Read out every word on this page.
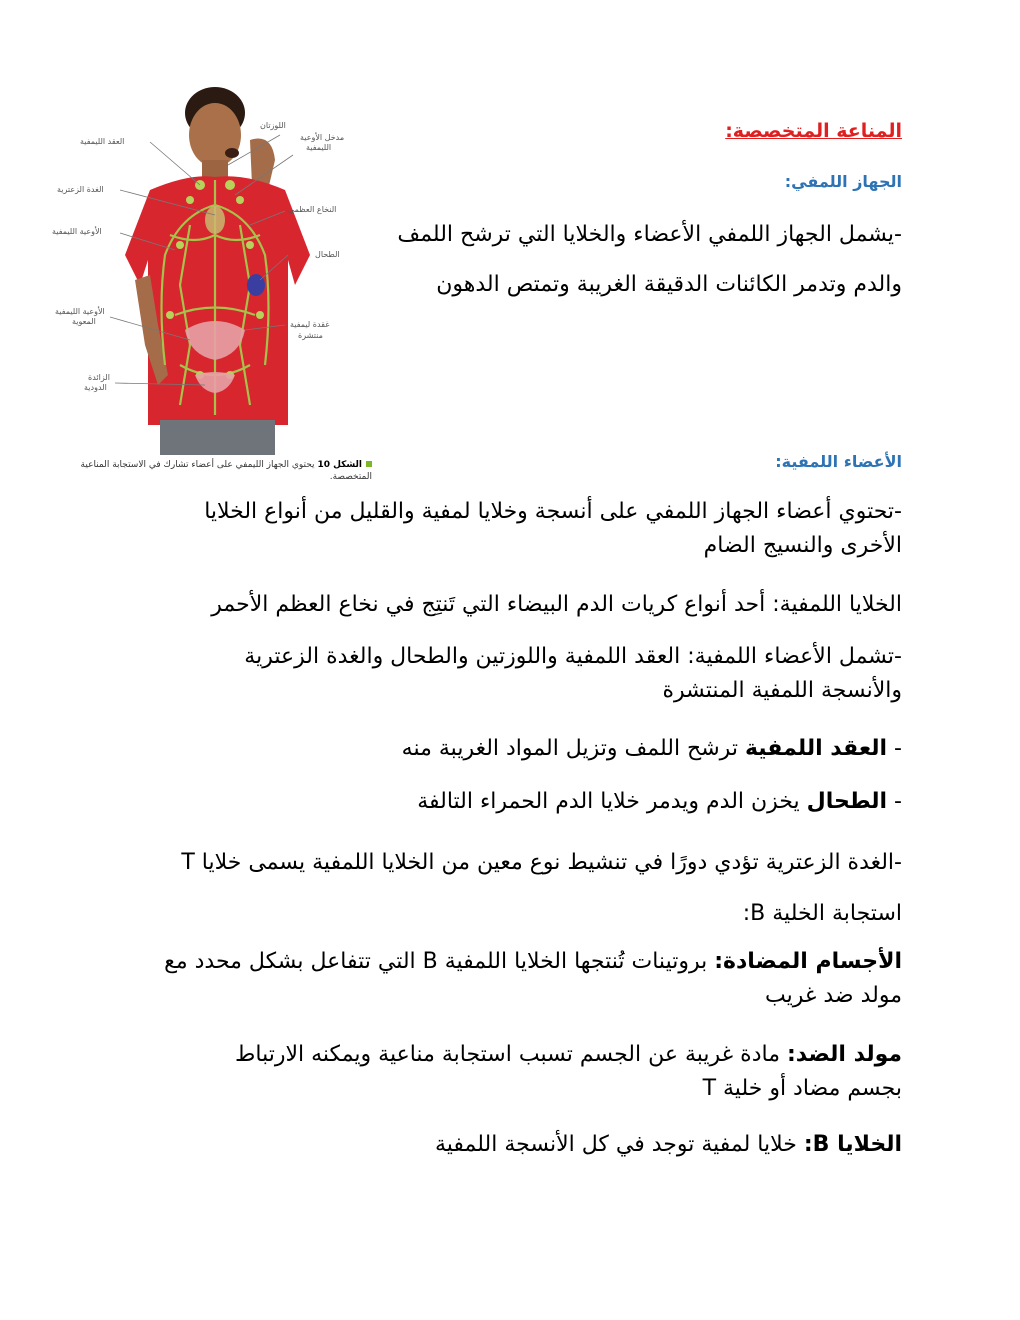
اللوزتان
العقد الليمفية	مدخل الأوعية
الليمفية
الغدة الزعترية
النخاع العظمي
الأوعية الليمفية
الطحال
الأوعية الليمفية
المعوية	غقدة ليمفية
منتشرة
الزائدة
الدودية
الشكل 10 يحتوي الجهاز الليمفي على أعضاء تشارك في الاستجابة المناعية المتخصصة.
المناعة المتخصصة:
الجهاز اللمفي:
-يشمل الجهاز اللمفي الأعضاء والخلايا التي ترشح اللمف
والدم وتدمر الكائنات الدقيقة الغريبة وتمتص الدهون
الأعضاء اللمفية:
-تحتوي أعضاء الجهاز اللمفي على أنسجة وخلايا لمفية والقليل من أنواع الخلايا الأخرى والنسيج الضام
الخلايا اللمفية: أحد أنواع كريات الدم البيضاء التي تَنتِج في نخاع العظم الأحمر
-تشمل الأعضاء اللمفية: العقد اللمفية واللوزتين والطحال والغدة الزعترية والأنسجة اللمفية المنتشرة
- العقد اللمفية ترشح اللمف وتزيل المواد الغريبة منه
- الطحال يخزن الدم ويدمر خلايا الدم الحمراء التالفة
-الغدة الزعترية تؤدي دورًا في تنشيط نوع معين من الخلايا اللمفية يسمى خلايا T استجابة الخلية B:
الأجسام المضادة: بروتينات تُنتجها الخلايا اللمفية B التي تتفاعل بشكل محدد مع مولد ضد غريب
مولد الضد: مادة غريبة عن الجسم تسبب استجابة مناعية ويمكنه الارتباط بجسم مضاد أو خلية T
الخلايا B: خلايا لمفية توجد في كل الأنسجة اللمفية
